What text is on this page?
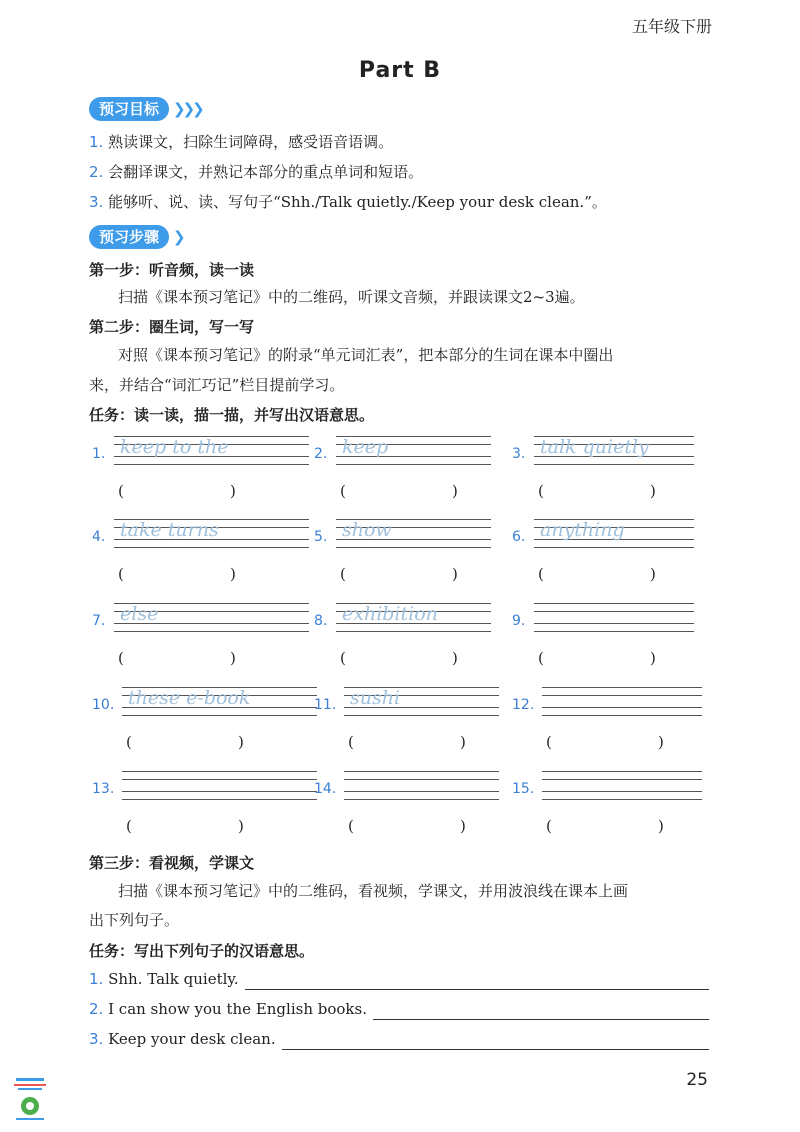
五年级下册
Part B
预习目标 ❯❯❯
1. 熟读课文，扫除生词障碍，感受语音语调。
2. 会翻译课文，并熟记本部分的重点单词和短语。
3. 能够听、说、读、写句子“Shh./Talk quietly./Keep your desk clean.”。
预习步骤 ❯
第一步：听音频，读一读
扫描《课本预习笔记》中的二维码，听课文音频，并跟读课文2~3遍。
第二步：圈生词，写一写
对照《课本预习笔记》的附录“单元词汇表”，把本部分的生词在课本中圈出
来，并结合“词汇巧记”栏目提前学习。
任务：读一读，描一描，并写出汉语意思。
1. keep to the
(	)
2. keep
(	)
3. talk quietly
(	)
4. take turns
(	)
5. show
(	)
6. anything
(	)
7. else
(	)
8. exhibition
(	)
9.
(	)
10. these e-book
(	)
11. sushi
(	)
12.
(	)
13.
(	)
14.
(	)
15.
(	)
第三步：看视频，学课文
扫描《课本预习笔记》中的二维码，看视频，学课文，并用波浪线在课本上画
出下列句子。
任务：写出下列句子的汉语意思。
1.
Shh. Talk quietly.
2.
I can show you the English books.
3.
Keep your desk clean.
25
